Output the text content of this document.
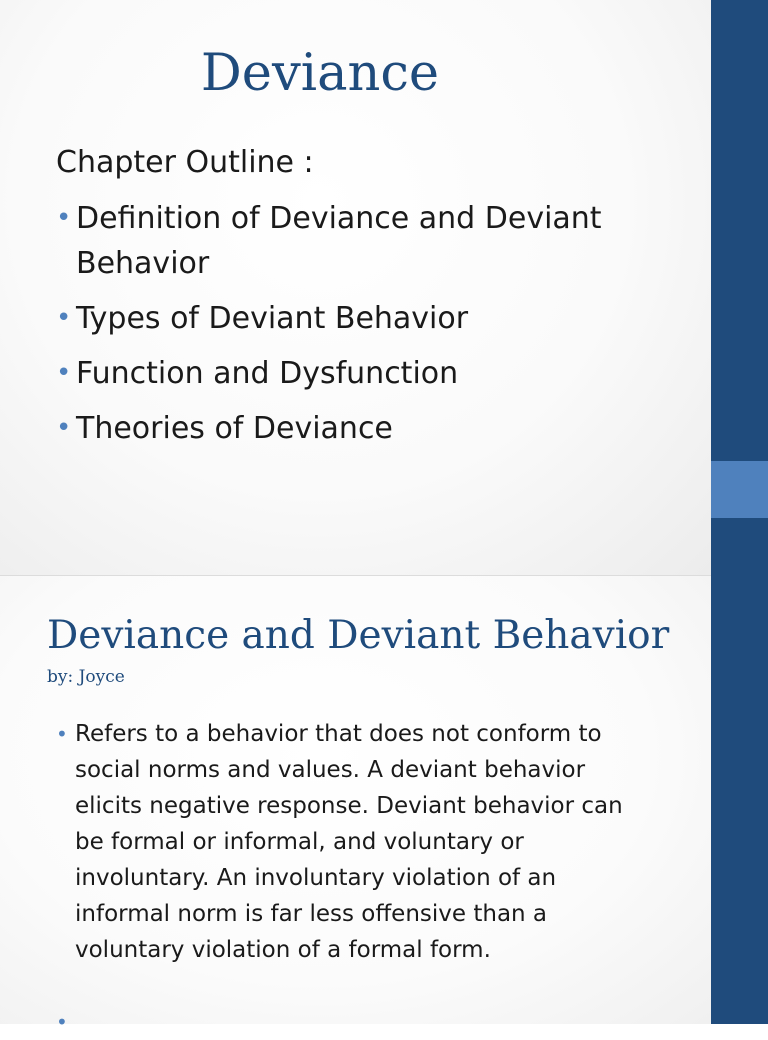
Deviance
Chapter Outline :
• Definition of Deviance and Deviant Behavior
• Types of Deviant Behavior
• Function and Dysfunction
• Theories of Deviance
Deviance and Deviant Behavior
by: Joyce
• Refers to a behavior that does not conform to social norms and values. A deviant behavior elicits negative response. Deviant behavior can be formal or informal, and voluntary or involuntary. An involuntary violation of an informal norm is far less offensive than a voluntary violation of a formal form.
•
